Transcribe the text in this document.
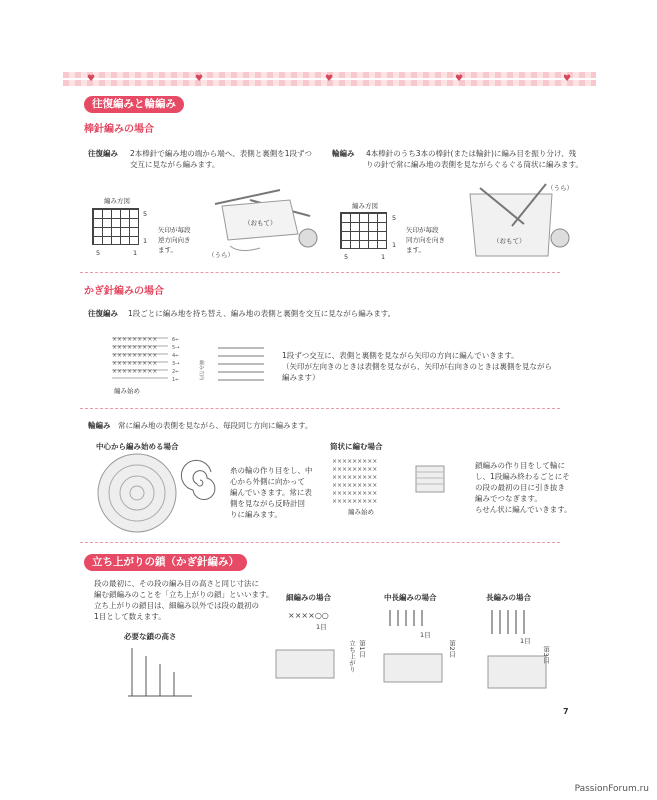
♥	♥	♥	♥	♥
往復編みと輪編み
棒針編みの場合
往復編み 2本棒針で編み地の端から端へ、表側と裏側を1段ずつ
交互に見ながら編みます。
編み方図
5
1
5	1
矢印が毎段
逆方向向き
ます。
（おもて）
（うら）
輪編み 4本棒針のうち3本の棒針(または輪針)に編み目を振り分け、残
りの針で常に編み地の表側を見ながらぐるぐる筒状に編みます。
編み方図
5
1
5	1
矢印が毎段
同方向を向き
ます。
（おもて）
（うら）
かぎ針編みの場合
往復編み 1段ごとに編み地を持ち替え、編み地の表側と裏側を交互に見ながら編みます。
×××××××××
×××××××××
×××××××××
×××××××××
×××××××××
6←
5→
4←
3→
2←
1←
編み始め
編み方向
1段ずつ交互に、表側と裏側を見ながら矢印の方向に編んでいきます。
（矢印が左向きのときは表側を見ながら、矢印が右向きのときは裏側を見ながら
編みます）
輪編み 常に編み地の表側を見ながら、毎段同じ方向に編みます。
中心から編み始める場合
糸の輪の作り目をし、中
心から外側に向かって
編んでいきます。常に表
側を見ながら反時計回
りに編みます。
筒状に編む場合
×××××××××
×××××××××
×××××××××
×××××××××
×××××××××
×××××××××
編み始め
鎖編みの作り目をして輪に
し、1段編み終わるごとにそ
の段の最初の目に引き抜き
編みでつなぎます。
らせん状に編んでいきます。
立ち上がりの鎖（かぎ針編み）
段の最初に、その段の編み目の高さと同じ寸法に
編む鎖編みのことを「立ち上がりの鎖」といいます。
立ち上がりの鎖目は、細編み以外では段の最初の
1目として数えます。
必要な鎖の高さ
細編みの場合
××××○○
1目
立ち上がり 第1目
中長編みの場合
1目
第2目
長編みの場合
1目
第3目
7
PassionForum.ru
